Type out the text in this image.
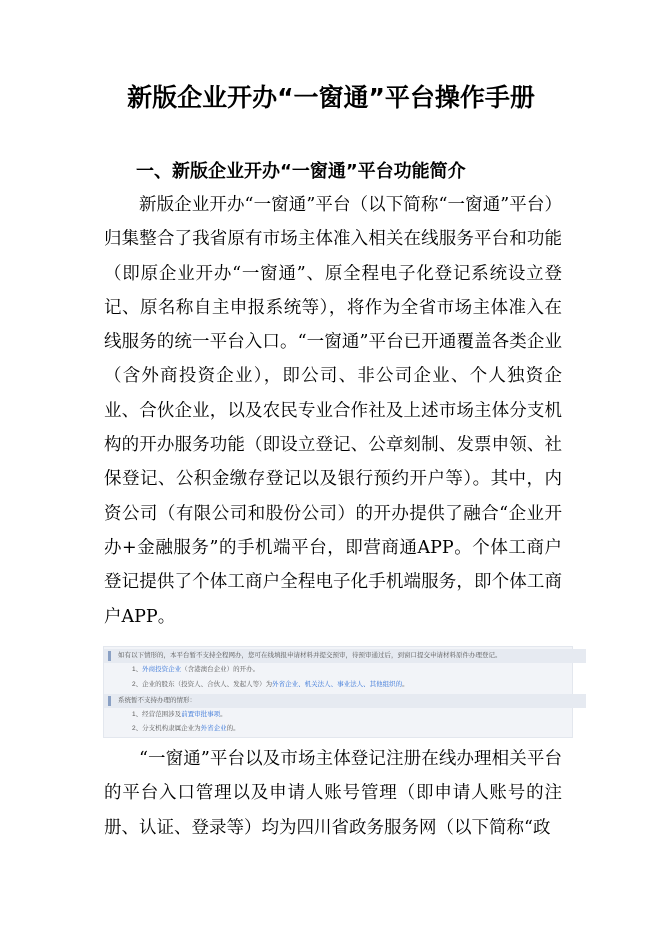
新版企业开办“一窗通”平台操作手册
一、新版企业开办“一窗通”平台功能简介
新版企业开办“一窗通”平台（以下简称“一窗通”平台）归集整合了我省原有市场主体准入相关在线服务平台和功能（即原企业开办“一窗通”、原全程电子化登记系统设立登记、原名称自主申报系统等），将作为全省市场主体准入在线服务的统一平台入口。“一窗通”平台已开通覆盖各类企业（含外商投资企业），即公司、非公司企业、个人独资企业、合伙企业，以及农民专业合作社及上述市场主体分支机构的开办服务功能（即设立登记、公章刻制、发票申领、社保登记、公积金缴存登记以及银行预约开户等）。其中，内资公司（有限公司和股份公司）的开办提供了融合“企业开办+金融服务”的手机端平台，即营商通APP。个体工商户登记提供了个体工商户全程电子化手机端服务，即个体工商户APP。
如有以下情形的，本平台暂不支持全程网办，您可在线填报申请材料并提交预审，待预审通过后，到窗口提交申请材料原件办理登记。
1、外商投资企业（含港澳台企业）的开办。
2、企业的股东（投资人、合伙人、发起人等）为外省企业、机关法人、事业法人、其他组织的。
系统暂不支持办理的情形：
1、经营范围涉及前置审批事项。
2、分支机构隶属企业为外省企业的。
“一窗通”平台以及市场主体登记注册在线办理相关平台的平台入口管理以及申请人账号管理（即申请人账号的注册、认证、登录等）均为四川省政务服务网（以下简称“政
